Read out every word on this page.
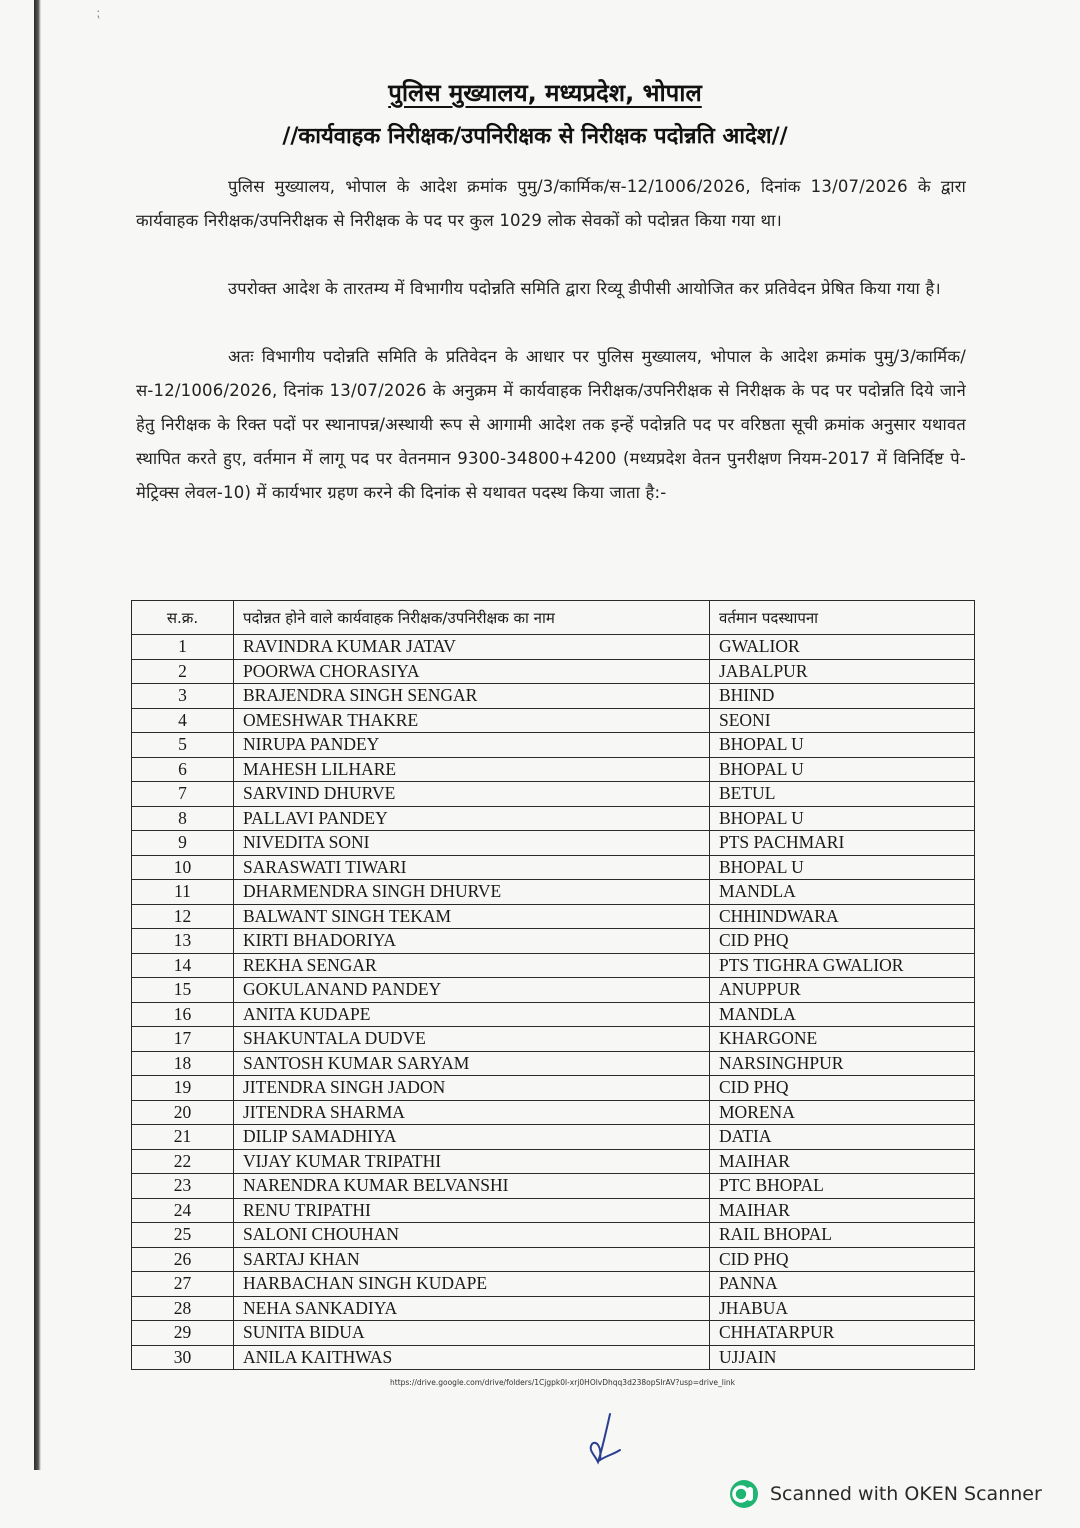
⁏
पुलिस मुख्यालय, मध्यप्रदेश, भोपाल
//कार्यवाहक निरीक्षक/उपनिरीक्षक से निरीक्षक पदोन्नति आदेश//
पुलिस मुख्यालय, भोपाल के आदेश क्रमांक पुमु/3/कार्मिक/स-12/1006/2026, दिनांक 13/07/2026 के द्वारा कार्यवाहक निरीक्षक/उपनिरीक्षक से निरीक्षक के पद पर कुल 1029 लोक सेवकों को पदोन्नत किया गया था।
उपरोक्त आदेश के तारतम्य में विभागीय पदोन्नति समिति द्वारा रिव्यू डीपीसी आयोजित कर प्रतिवेदन प्रेषित किया गया है।
अतः विभागीय पदोन्नति समिति के प्रतिवेदन के आधार पर पुलिस मुख्यालय, भोपाल के आदेश क्रमांक पुमु/3/कार्मिक/स-12/1006/2026, दिनांक 13/07/2026 के अनुक्रम में कार्यवाहक निरीक्षक/उपनिरीक्षक से निरीक्षक के पद पर पदोन्नति दिये जाने हेतु निरीक्षक के रिक्त पदों पर स्थानापन्न/अस्थायी रूप से आगामी आदेश तक इन्हें पदोन्नति पद पर वरिष्ठता सूची क्रमांक अनुसार यथावत स्थापित करते हुए, वर्तमान में लागू पद पर वेतनमान 9300-34800+4200 (मध्यप्रदेश वेतन पुनरीक्षण नियम-2017 में विनिर्दिष्ट पे-मेट्रिक्स लेवल-10) में कार्यभार ग्रहण करने की दिनांक से यथावत पदस्थ किया जाता है:-
स.क्र.	पदोन्नत होने वाले कार्यवाहक निरीक्षक/उपनिरीक्षक का नाम	वर्तमान पदस्थापना
1	RAVINDRA KUMAR JATAV	GWALIOR
2	POORWA CHORASIYA	JABALPUR
3	BRAJENDRA SINGH SENGAR	BHIND
4	OMESHWAR THAKRE	SEONI
5	NIRUPA PANDEY	BHOPAL U
6	MAHESH LILHARE	BHOPAL U
7	SARVIND DHURVE	BETUL
8	PALLAVI PANDEY	BHOPAL U
9	NIVEDITA SONI	PTS PACHMARI
10	SARASWATI TIWARI	BHOPAL U
11	DHARMENDRA SINGH DHURVE	MANDLA
12	BALWANT SINGH TEKAM	CHHINDWARA
13	KIRTI BHADORIYA	CID PHQ
14	REKHA SENGAR	PTS TIGHRA GWALIOR
15	GOKULANAND PANDEY	ANUPPUR
16	ANITA KUDAPE	MANDLA
17	SHAKUNTALA DUDVE	KHARGONE
18	SANTOSH KUMAR SARYAM	NARSINGHPUR
19	JITENDRA SINGH JADON	CID PHQ
20	JITENDRA SHARMA	MORENA
21	DILIP SAMADHIYA	DATIA
22	VIJAY KUMAR TRIPATHI	MAIHAR
23	NARENDRA KUMAR BELVANSHI	PTC BHOPAL
24	RENU TRIPATHI	MAIHAR
25	SALONI CHOUHAN	RAIL BHOPAL
26	SARTAJ KHAN	CID PHQ
27	HARBACHAN SINGH KUDAPE	PANNA
28	NEHA SANKADIYA	JHABUA
29	SUNITA BIDUA	CHHATARPUR
30	ANILA KAITHWAS	UJJAIN
https://drive.google.com/drive/folders/1Cjgpk0l-xrj0HOlvDhqq3d238opSIrAV?usp=drive_link
Scanned with OKEN Scanner
